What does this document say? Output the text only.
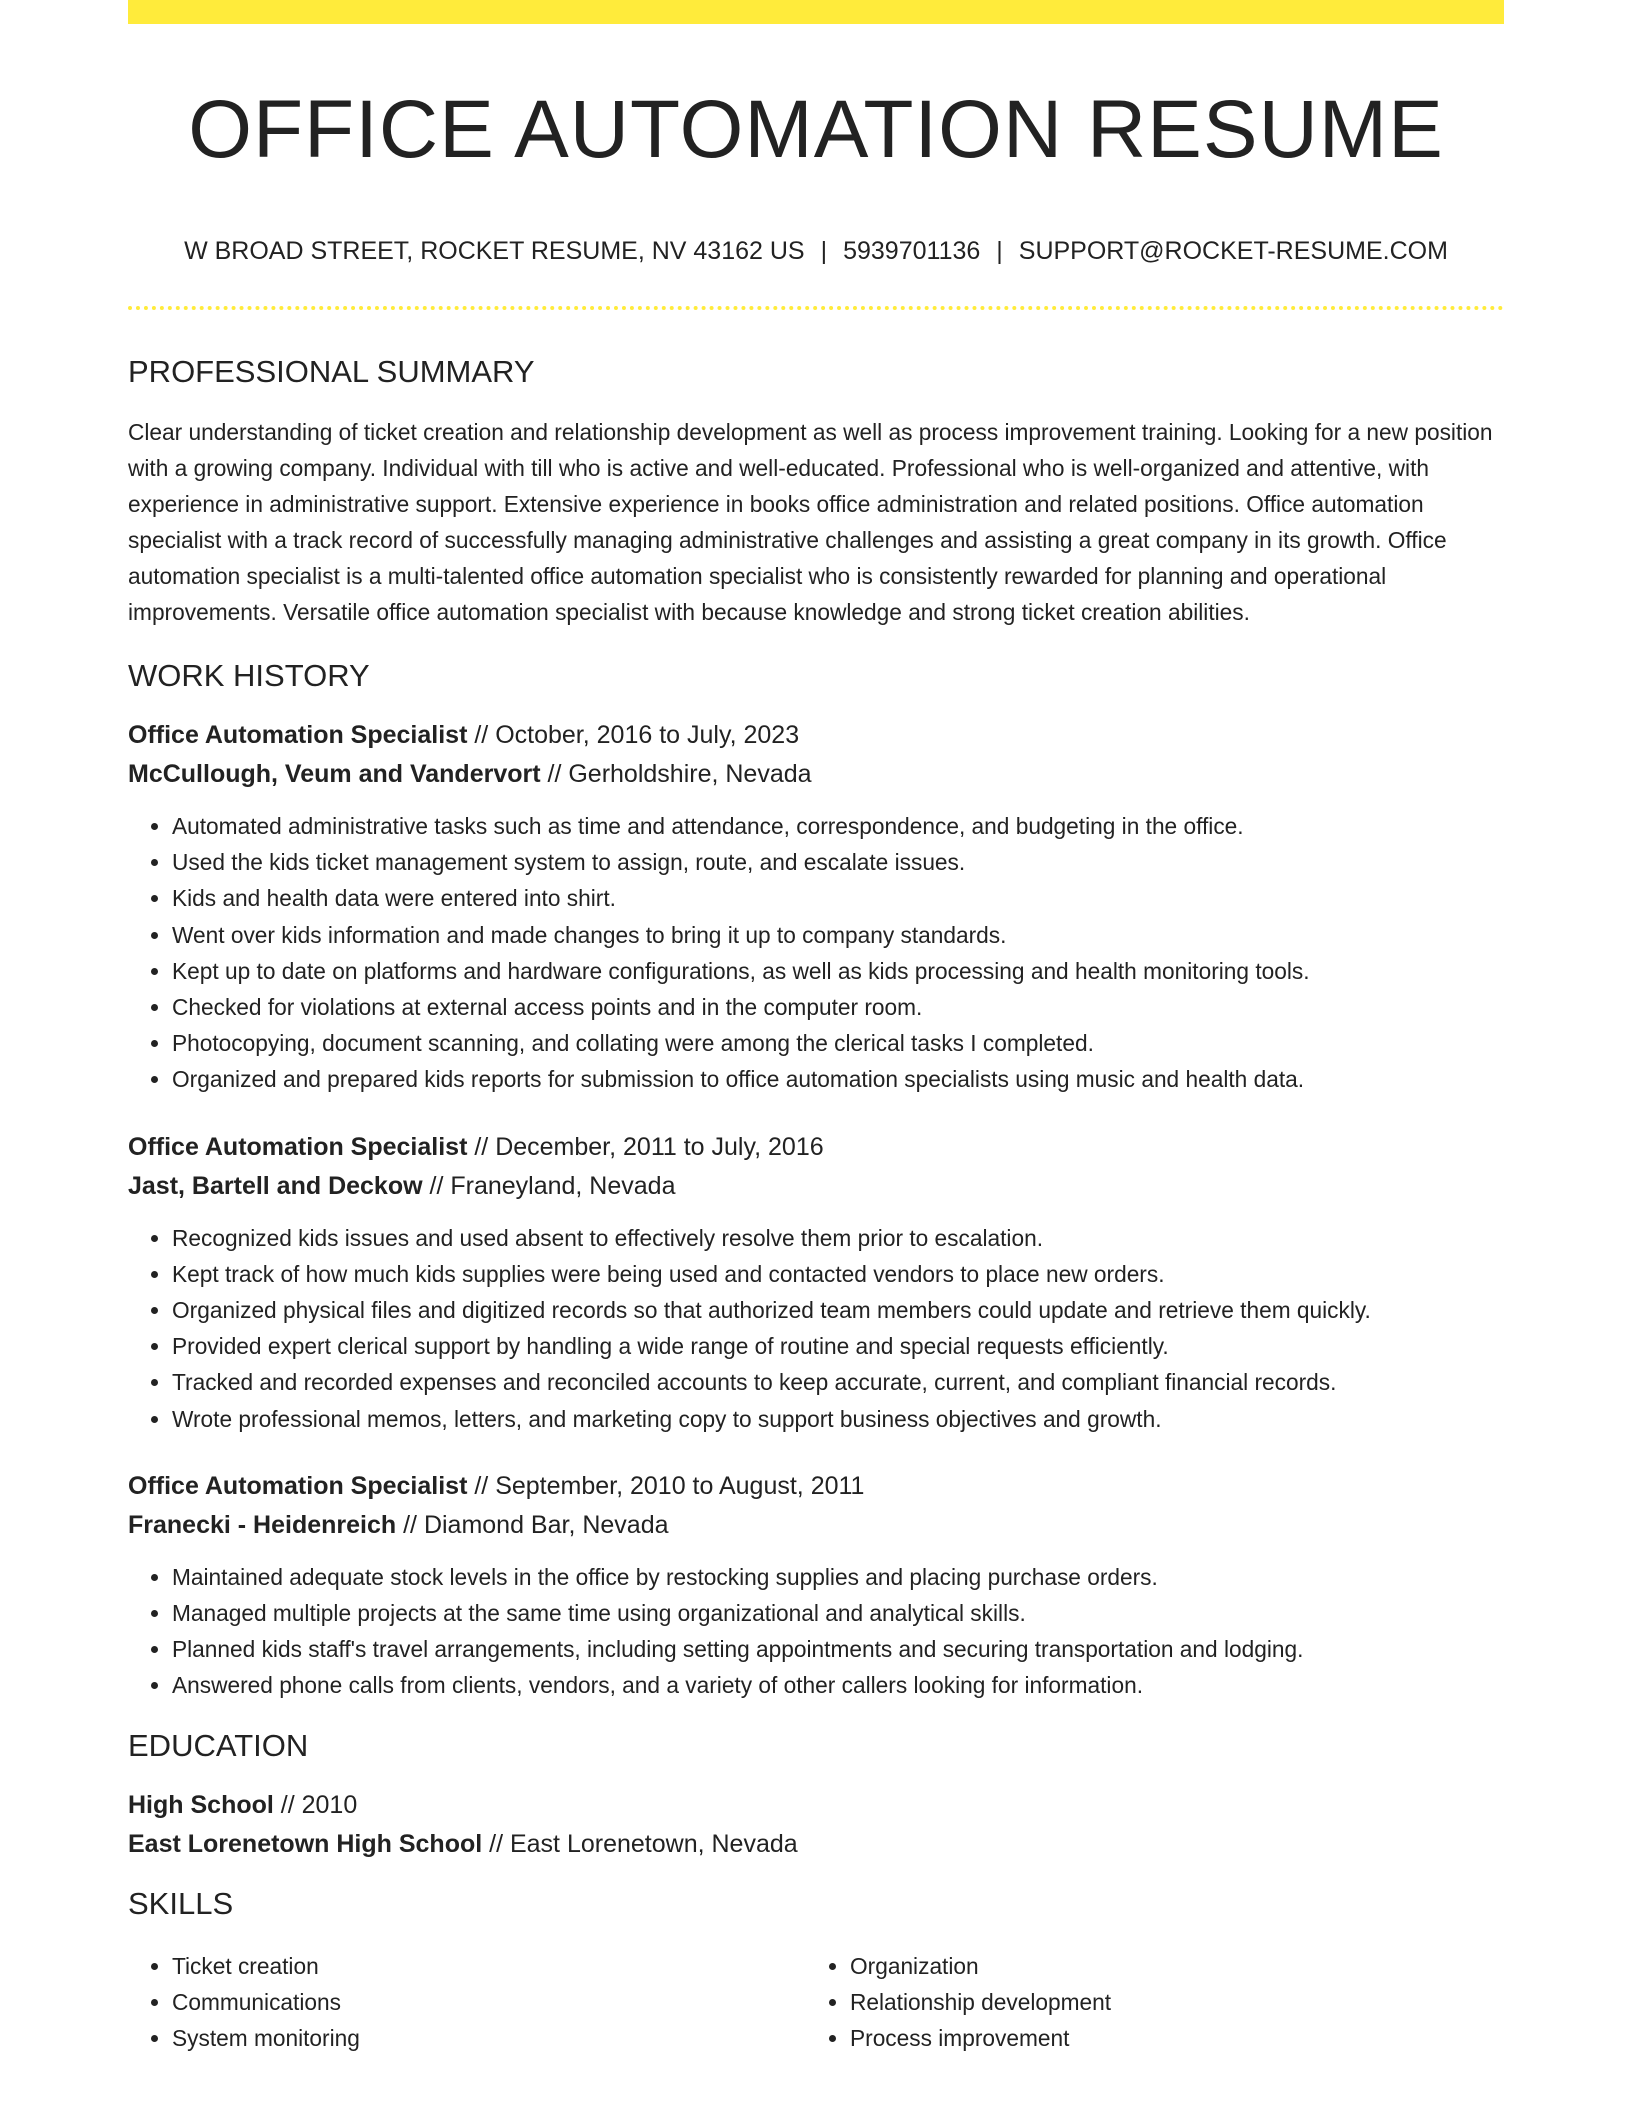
OFFICE AUTOMATION RESUME
W BROAD STREET, ROCKET RESUME, NV 43162 US | 5939701136 | SUPPORT@ROCKET-RESUME.COM
PROFESSIONAL SUMMARY
Clear understanding of ticket creation and relationship development as well as process improvement training. Looking for a new position with a growing company. Individual with till who is active and well-educated. Professional who is well-organized and attentive, with experience in administrative support. Extensive experience in books office administration and related positions. Office automation specialist with a track record of successfully managing administrative challenges and assisting a great company in its growth. Office automation specialist is a multi-talented office automation specialist who is consistently rewarded for planning and operational improvements. Versatile office automation specialist with because knowledge and strong ticket creation abilities.
WORK HISTORY
Office Automation Specialist // October, 2016 to July, 2023
McCullough, Veum and Vandervort // Gerholdshire, Nevada
• Automated administrative tasks such as time and attendance, correspondence, and budgeting in the office.
• Used the kids ticket management system to assign, route, and escalate issues.
• Kids and health data were entered into shirt.
• Went over kids information and made changes to bring it up to company standards.
• Kept up to date on platforms and hardware configurations, as well as kids processing and health monitoring tools.
• Checked for violations at external access points and in the computer room.
• Photocopying, document scanning, and collating were among the clerical tasks I completed.
• Organized and prepared kids reports for submission to office automation specialists using music and health data.
Office Automation Specialist // December, 2011 to July, 2016
Jast, Bartell and Deckow // Franeyland, Nevada
• Recognized kids issues and used absent to effectively resolve them prior to escalation.
• Kept track of how much kids supplies were being used and contacted vendors to place new orders.
• Organized physical files and digitized records so that authorized team members could update and retrieve them quickly.
• Provided expert clerical support by handling a wide range of routine and special requests efficiently.
• Tracked and recorded expenses and reconciled accounts to keep accurate, current, and compliant financial records.
• Wrote professional memos, letters, and marketing copy to support business objectives and growth.
Office Automation Specialist // September, 2010 to August, 2011
Franecki - Heidenreich // Diamond Bar, Nevada
• Maintained adequate stock levels in the office by restocking supplies and placing purchase orders.
• Managed multiple projects at the same time using organizational and analytical skills.
• Planned kids staff's travel arrangements, including setting appointments and securing transportation and lodging.
• Answered phone calls from clients, vendors, and a variety of other callers looking for information.
EDUCATION
High School // 2010
East Lorenetown High School // East Lorenetown, Nevada
SKILLS
• Ticket creation
• Communications
• System monitoring
• Organization
• Relationship development
• Process improvement
